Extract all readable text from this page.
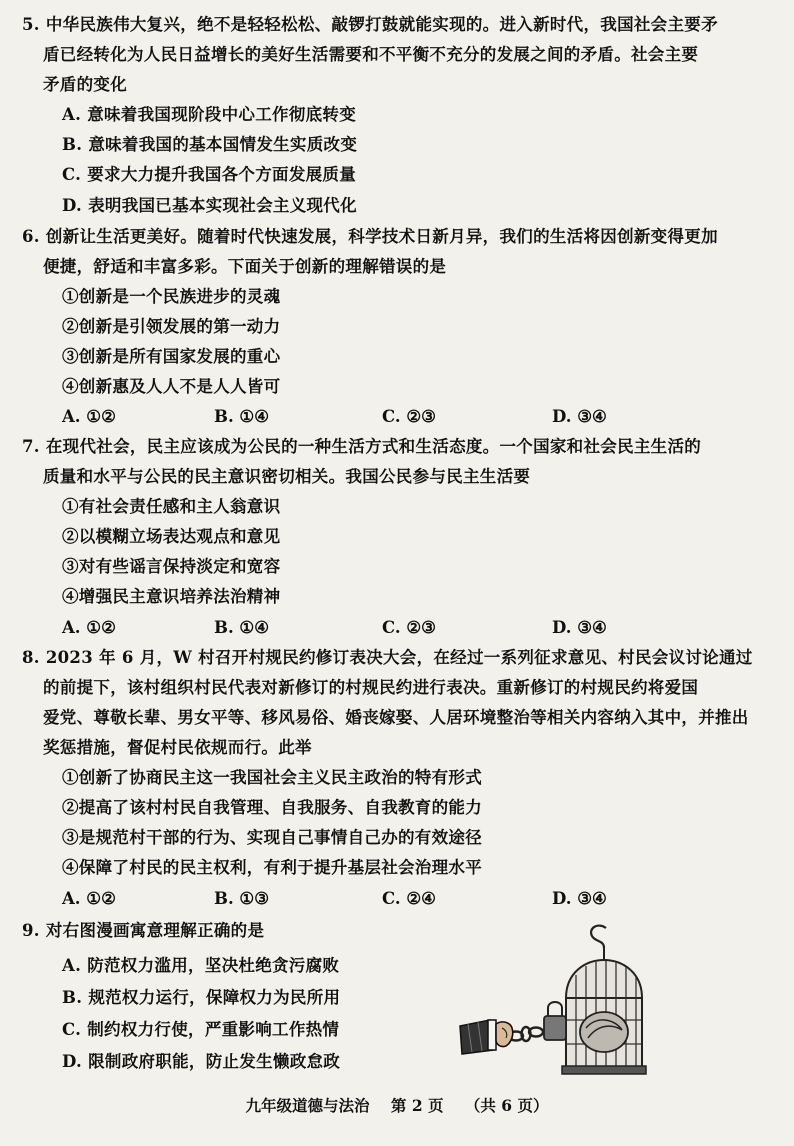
5. 中华民族伟大复兴，绝不是轻轻松松、敲锣打鼓就能实现的。进入新时代，我国社会主要矛
盾已经转化为人民日益增长的美好生活需要和不平衡不充分的发展之间的矛盾。社会主要
矛盾的变化
A. 意味着我国现阶段中心工作彻底转变
B. 意味着我国的基本国情发生实质改变
C. 要求大力提升我国各个方面发展质量
D. 表明我国已基本实现社会主义现代化
6. 创新让生活更美好。随着时代快速发展，科学技术日新月异，我们的生活将因创新变得更加
便捷，舒适和丰富多彩。下面关于创新的理解错误的是
①创新是一个民族进步的灵魂
②创新是引领发展的第一动力
③创新是所有国家发展的重心
④创新惠及人人不是人人皆可
A. ①②	B. ①④	C. ②③	D. ③④
7. 在现代社会，民主应该成为公民的一种生活方式和生活态度。一个国家和社会民主生活的
质量和水平与公民的民主意识密切相关。我国公民参与民主生活要
①有社会责任感和主人翁意识
②以模糊立场表达观点和意见
③对有些谣言保持淡定和宽容
④增强民主意识培养法治精神
A. ①②	B. ①④	C. ②③	D. ③④
8. 2023 年 6 月，W 村召开村规民约修订表决大会，在经过一系列征求意见、村民会议讨论通过
的前提下，该村组织村民代表对新修订的村规民约进行表决。重新修订的村规民约将爱国
爱党、尊敬长辈、男女平等、移风易俗、婚丧嫁娶、人居环境整治等相关内容纳入其中，并推出
奖惩措施，督促村民依规而行。此举
①创新了协商民主这一我国社会主义民主政治的特有形式
②提高了该村村民自我管理、自我服务、自我教育的能力
③是规范村干部的行为、实现自己事情自己办的有效途径
④保障了村民的民主权利，有利于提升基层社会治理水平
A. ①②	B. ①③	C. ②④	D. ③④
9. 对右图漫画寓意理解正确的是
A. 防范权力滥用，坚决杜绝贪污腐败
B. 规范权力运行，保障权力为民所用
C. 制约权力行使，严重影响工作热情
D. 限制政府职能，防止发生懒政怠政
九年级道德与法治 第 2 页 （共 6 页）
